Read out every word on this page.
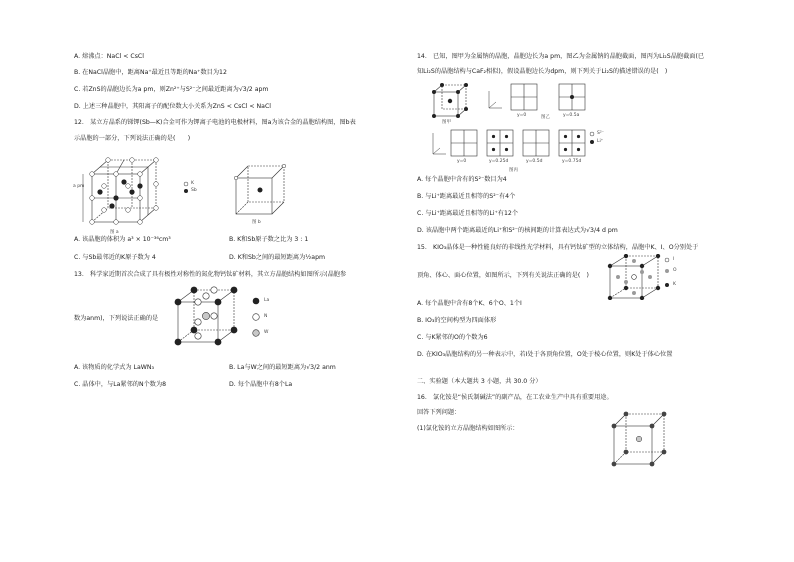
A. 熔沸点：NaCl < CsCl
B. 在NaCl晶胞中，距离Na⁺最近且等距的Na⁺数目为12
C. 若ZnS的晶胞边长为a pm，则Zn²⁺与S²⁻之间最近距离为√3/2 apm
D. 上述三种晶胞中，其阳离子的配位数大小关系为ZnS < CsCl < NaCl
12.　某立方晶系的锑钾(Sb—K)合金可作为钾离子电池的电极材料，图a为该合金的晶胞结构图，图b表
示晶胞的一部分，下列说法正确的是(　　)
a pm
图 a
K
Sb
图 b
A. 该晶胞的体积为 a³ × 10⁻³⁶cm³	B. K和Sb原子数之比为 3 : 1
C. 与Sb最邻近的K原子数为 4	D. K和Sb之间的最短距离为½apm
13.　科学家近期首次合成了具有极性对称性的氮化物钙钛矿材料，其立方晶胞结构如图所示(晶胞参
数为anm)，下列说法正确的是
La
N
W
A. 该物质的化学式为 LaWN₃	B. La与W之间的最短距离为√3/2 anm
C. 晶体中，与La紧邻的N个数为8	D. 每个晶胞中有8个La
14.　已知，图甲为金属钠的晶胞，晶胞边长为a pm，图乙为金属钠的晶胞截面，图丙为Li₂S晶胞截面(已
知Li₂S的晶胞结构与CaF₂相似)，假设晶胞边长为dpm，则下列关于Li₂S的描述错误的是(　)
图甲
y=0	图乙	y=0.5a
y=0	y=0.25d	y=0.5d	y=0.75d
图丙
S²⁻
Li⁺
A. 每个晶胞中含有的S²⁻数目为4
B. 与Li⁺距离最近且相等的S²⁻有4个
C. 与Li⁺距离最近且相等的Li⁺有12个
D. 该晶胞中两个距离最近的Li⁺和S²⁻的核间距的计算表达式为√3/4 d pm
15.　KIO₃晶体是一种性能良好的非线性光学材料，具有钙钛矿型的立体结构，晶胞中K、I、O分别处于
顶角、体心、面心位置，如图所示，下列有关说法正确的是(　)
I
O
K
A. 每个晶胞中含有8个K、6个O、1个I
B. IO₃的空间构型为四面体形
C. 与K紧邻的O的个数为6
D. 在KIO₃晶胞结构的另一种表示中，若I处于各顶角位置，O处于棱心位置，则K处于体心位置
二、实验题（本大题共 3 小题，共 30.0 分）
16.　氯化铵是“侯氏制碱法”的副产品，在工农业生产中具有重要用途。
回答下列问题：
(1)氯化铵的立方晶胞结构如图所示：
